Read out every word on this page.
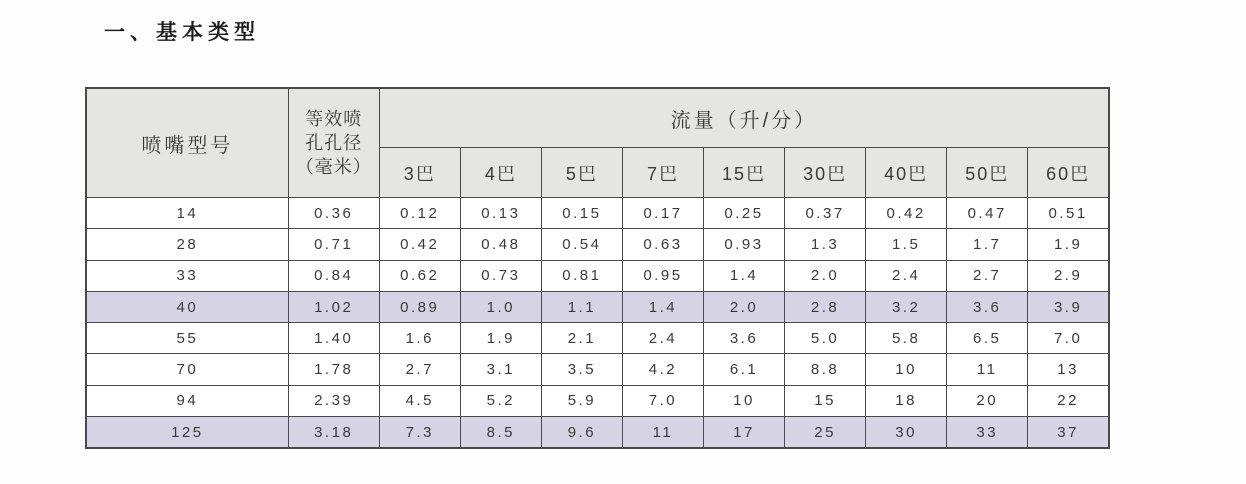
一、基本类型
喷嘴型号	等效喷
孔孔径
（毫米）	流量（升/分）								
		3巴	4巴	5巴	7巴	15巴	30巴	40巴	50巴	60巴
14	0.36	0.12	0.13	0.15	0.17	0.25	0.37	0.42	0.47	0.51
28	0.71	0.42	0.48	0.54	0.63	0.93	1.3	1.5	1.7	1.9
33	0.84	0.62	0.73	0.81	0.95	1.4	2.0	2.4	2.7	2.9
40	1.02	0.89	1.0	1.1	1.4	2.0	2.8	3.2	3.6	3.9
55	1.40	1.6	1.9	2.1	2.4	3.6	5.0	5.8	6.5	7.0
70	1.78	2.7	3.1	3.5	4.2	6.1	8.8	10	11	13
94	2.39	4.5	5.2	5.9	7.0	10	15	18	20	22
125	3.18	7.3	8.5	9.6	11	17	25	30	33	37
